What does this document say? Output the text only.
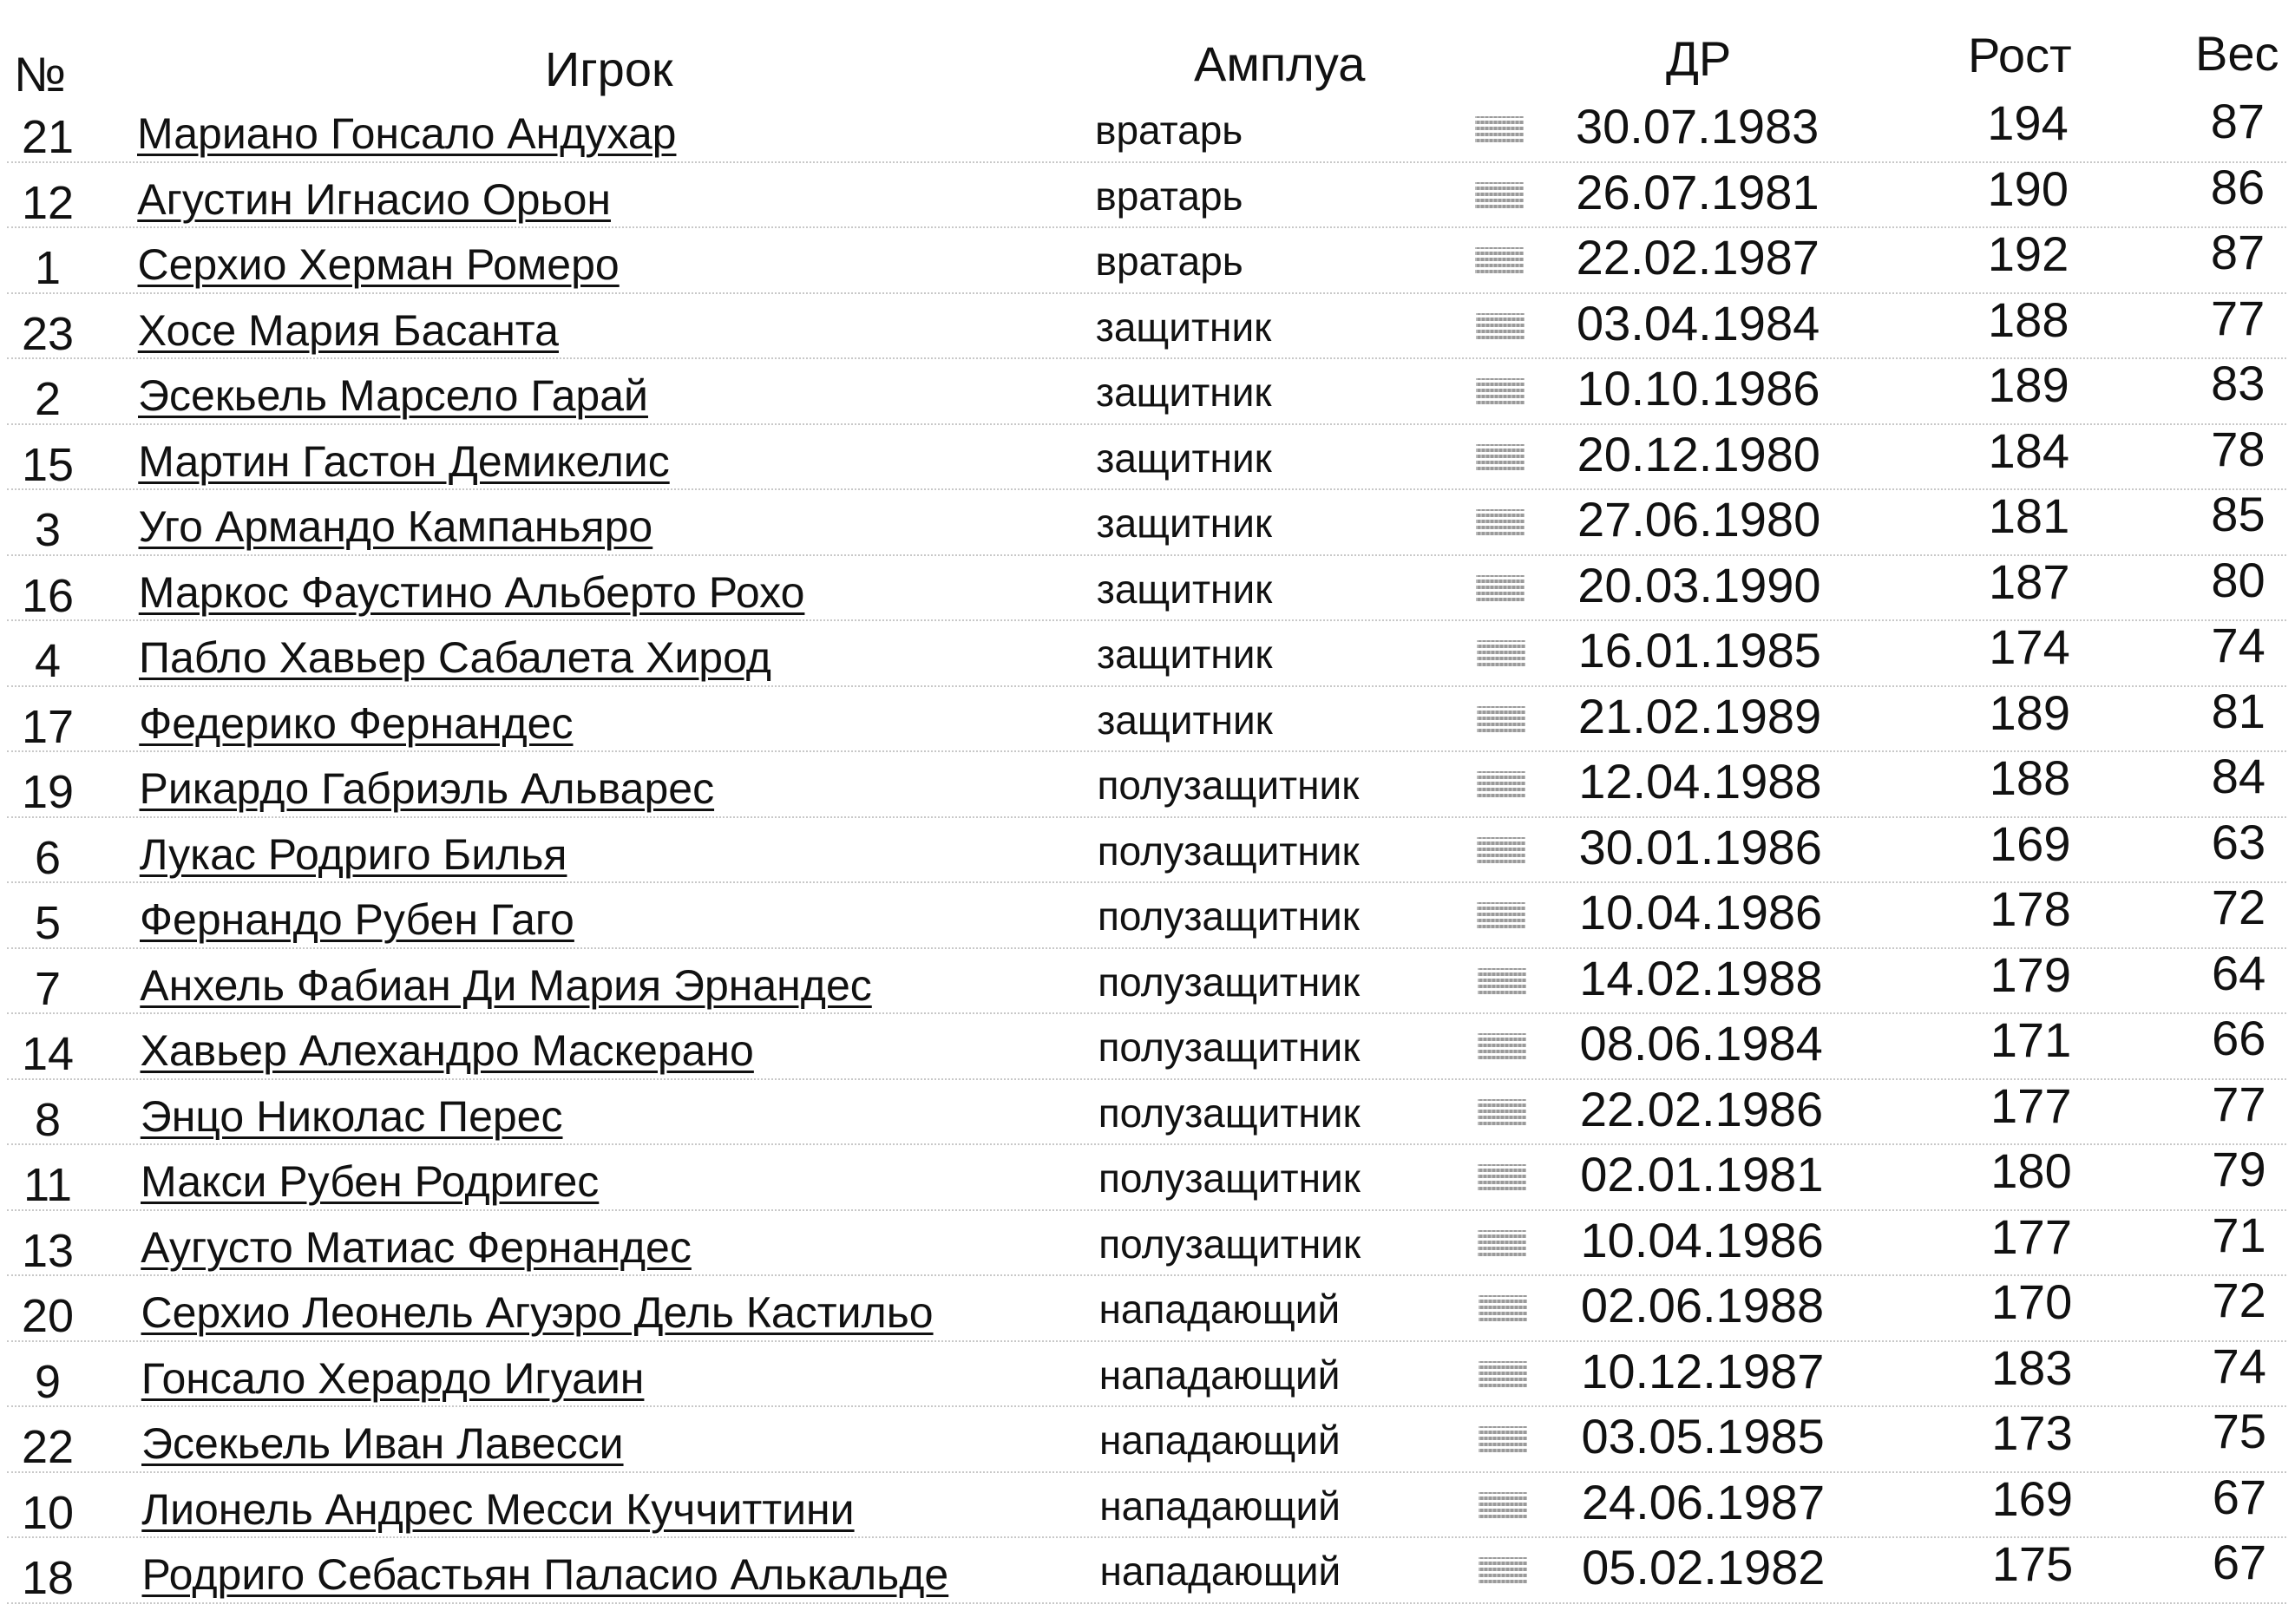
№	Игрок	Амплуа	ДР	Рост	Вес
21	Мариано Гонсало Андухар	вратарь	30.07.1983	194	87
12	Агустин Игнасио Орьон	вратарь	26.07.1981	190	86
1	Серхио Херман Ромеро	вратарь	22.02.1987	192	87
23	Хосе Мария Басанта	защитник	03.04.1984	188	77
2	Эсекьель Марсело Гарай	защитник	10.10.1986	189	83
15	Мартин Гастон Демикелис	защитник	20.12.1980	184	78
3	Уго Армандо Кампаньяро	защитник	27.06.1980	181	85
16	Маркос Фаустино Альберто Рохо	защитник	20.03.1990	187	80
4	Пабло Хавьер Сабалета Хирод	защитник	16.01.1985	174	74
17	Федерико Фернандес	защитник	21.02.1989	189	81
19	Рикардо Габриэль Альварес	полузащитник	12.04.1988	188	84
6	Лукас Родриго Билья	полузащитник	30.01.1986	169	63
5	Фернандо Рубен Гаго	полузащитник	10.04.1986	178	72
7	Анхель Фабиан Ди Мария Эрнандес	полузащитник	14.02.1988	179	64
14	Хавьер Алехандро Маскерано	полузащитник	08.06.1984	171	66
8	Энцо Николас Перес	полузащитник	22.02.1986	177	77
11	Макси Рубен Родригес	полузащитник	02.01.1981	180	79
13	Аугусто Матиас Фернандес	полузащитник	10.04.1986	177	71
20	Серхио Леонель Агуэро Дель Кастильо	нападающий	02.06.1988	170	72
9	Гонсало Херардо Игуаин	нападающий	10.12.1987	183	74
22	Эсекьель Иван Лавесси	нападающий	03.05.1985	173	75
10	Лионель Андрес Месси Куччиттини	нападающий	24.06.1987	169	67
18	Родриго Себастьян Паласио Алькальде	нападающий	05.02.1982	175	67
